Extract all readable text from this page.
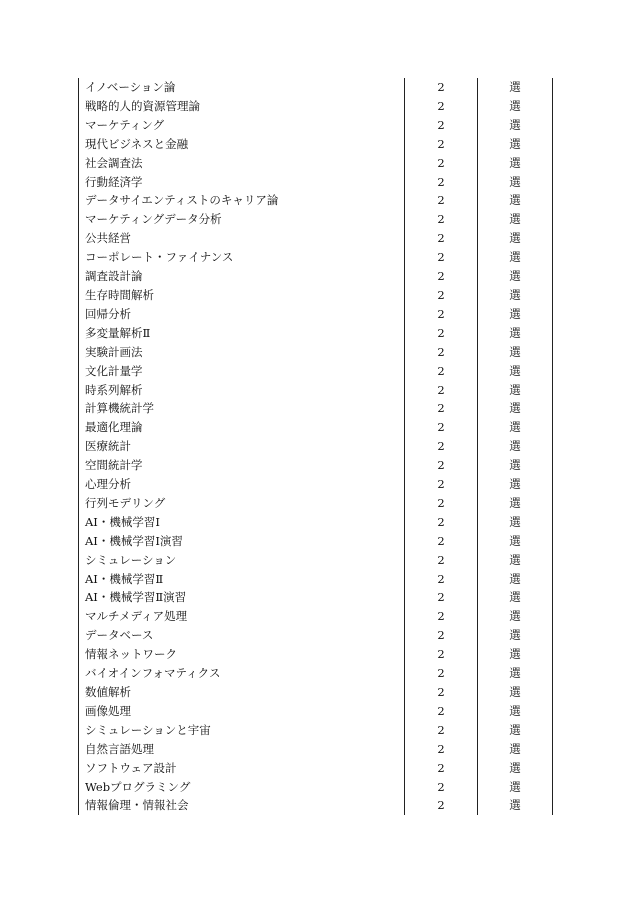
イノベーション論	2	選
戦略的人的資源管理論	2	選
マーケティング	2	選
現代ビジネスと金融	2	選
社会調査法	2	選
行動経済学	2	選
データサイエンティストのキャリア論	2	選
マーケティングデータ分析	2	選
公共経営	2	選
コーポレート・ファイナンス	2	選
調査設計論	2	選
生存時間解析	2	選
回帰分析	2	選
多変量解析Ⅱ	2	選
実験計画法	2	選
文化計量学	2	選
時系列解析	2	選
計算機統計学	2	選
最適化理論	2	選
医療統計	2	選
空間統計学	2	選
心理分析	2	選
行列モデリング	2	選
AI・機械学習Ⅰ	2	選
AI・機械学習Ⅰ演習	2	選
シミュレーション	2	選
AI・機械学習Ⅱ	2	選
AI・機械学習Ⅱ演習	2	選
マルチメディア処理	2	選
データベース	2	選
情報ネットワーク	2	選
バイオインフォマティクス	2	選
数値解析	2	選
画像処理	2	選
シミュレーションと宇宙	2	選
自然言語処理	2	選
ソフトウェア設計	2	選
Webプログラミング	2	選
情報倫理・情報社会	2	選
